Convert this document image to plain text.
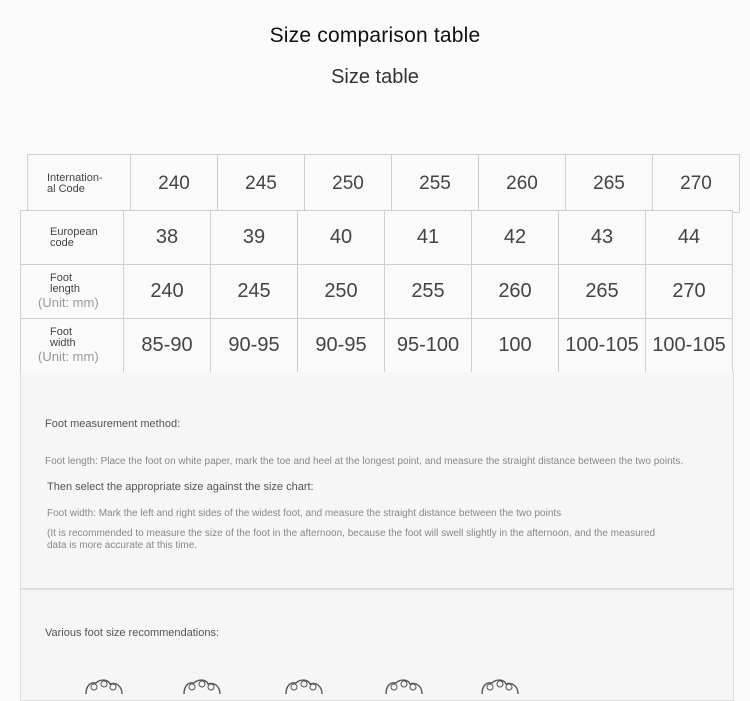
Size comparison table
Size table
Internation-
al Code	240	245	250	255	260	265	270
European
code	38	39	40	41	42	43	44

Foot
length
(Unit: mm)	240	245	250	255	260	265	270

Foot
width
(Unit: mm)	85-90	90-95	90-95	95-100	100	100-105	100-105
Foot measurement method:
Foot length: Place the foot on white paper, mark the toe and heel at the longest point, and measure the straight distance between the two points.
Then select the appropriate size against the size chart:
Foot width: Mark the left and right sides of the widest foot, and measure the straight distance between the two points
(It is recommended to measure the size of the foot in the afternoon, because the foot will swell slightly in the afternoon, and the measured
data is more accurate at this time.
Various foot size recommendations:
